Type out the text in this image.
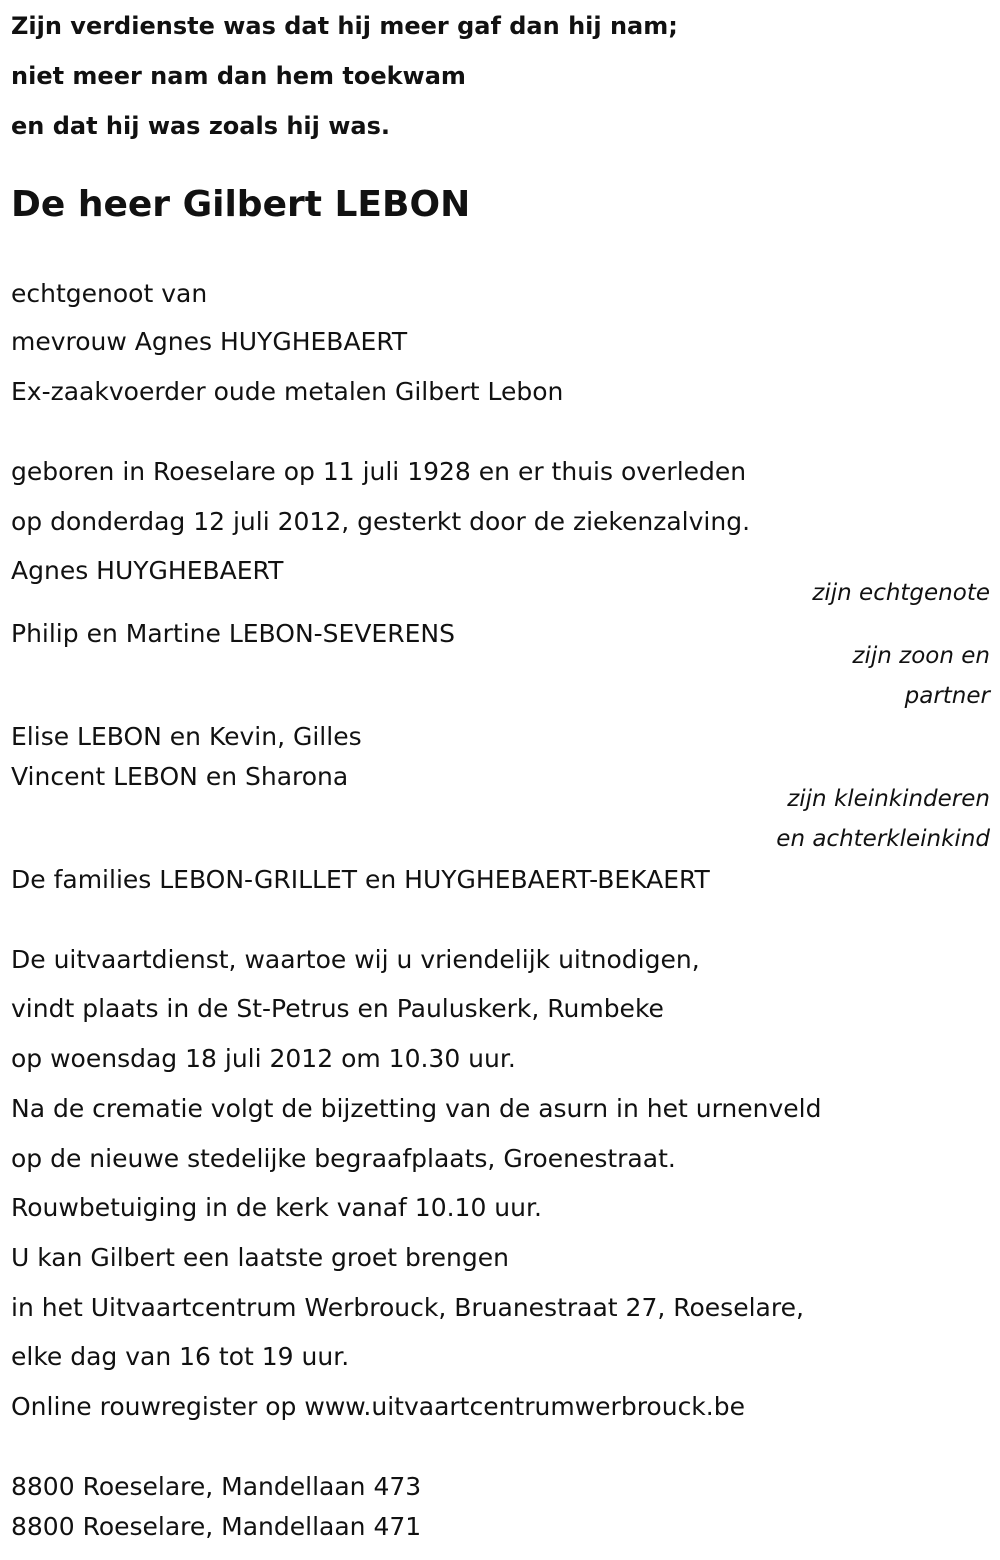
Zijn verdienste was dat hij meer gaf dan hij nam;
niet meer nam dan hem toekwam
en dat hij was zoals hij was.
De heer Gilbert LEBON
echtgenoot van
mevrouw Agnes HUYGHEBAERT
Ex-zaakvoerder oude metalen Gilbert Lebon
geboren in Roeselare op 11 juli 1928 en er thuis overleden
op donderdag 12 juli 2012, gesterkt door de ziekenzalving.
Agnes HUYGHEBAERT
zijn echtgenote
Philip en Martine LEBON-SEVERENS
zijn zoon en
partner
Elise LEBON en Kevin, Gilles
Vincent LEBON en Sharona
zijn kleinkinderen
en achterkleinkind
De families LEBON-GRILLET en HUYGHEBAERT-BEKAERT
De uitvaartdienst, waartoe wij u vriendelijk uitnodigen,
vindt plaats in de St-Petrus en Pauluskerk, Rumbeke
op woensdag 18 juli 2012 om 10.30 uur.
Na de crematie volgt de bijzetting van de asurn in het urnenveld
op de nieuwe stedelijke begraafplaats, Groenestraat.
Rouwbetuiging in de kerk vanaf 10.10 uur.
U kan Gilbert een laatste groet brengen
in het Uitvaartcentrum Werbrouck, Bruanestraat 27, Roeselare,
elke dag van 16 tot 19 uur.
Online rouwregister op www.uitvaartcentrumwerbrouck.be
8800 Roeselare, Mandellaan 473
8800 Roeselare, Mandellaan 471
